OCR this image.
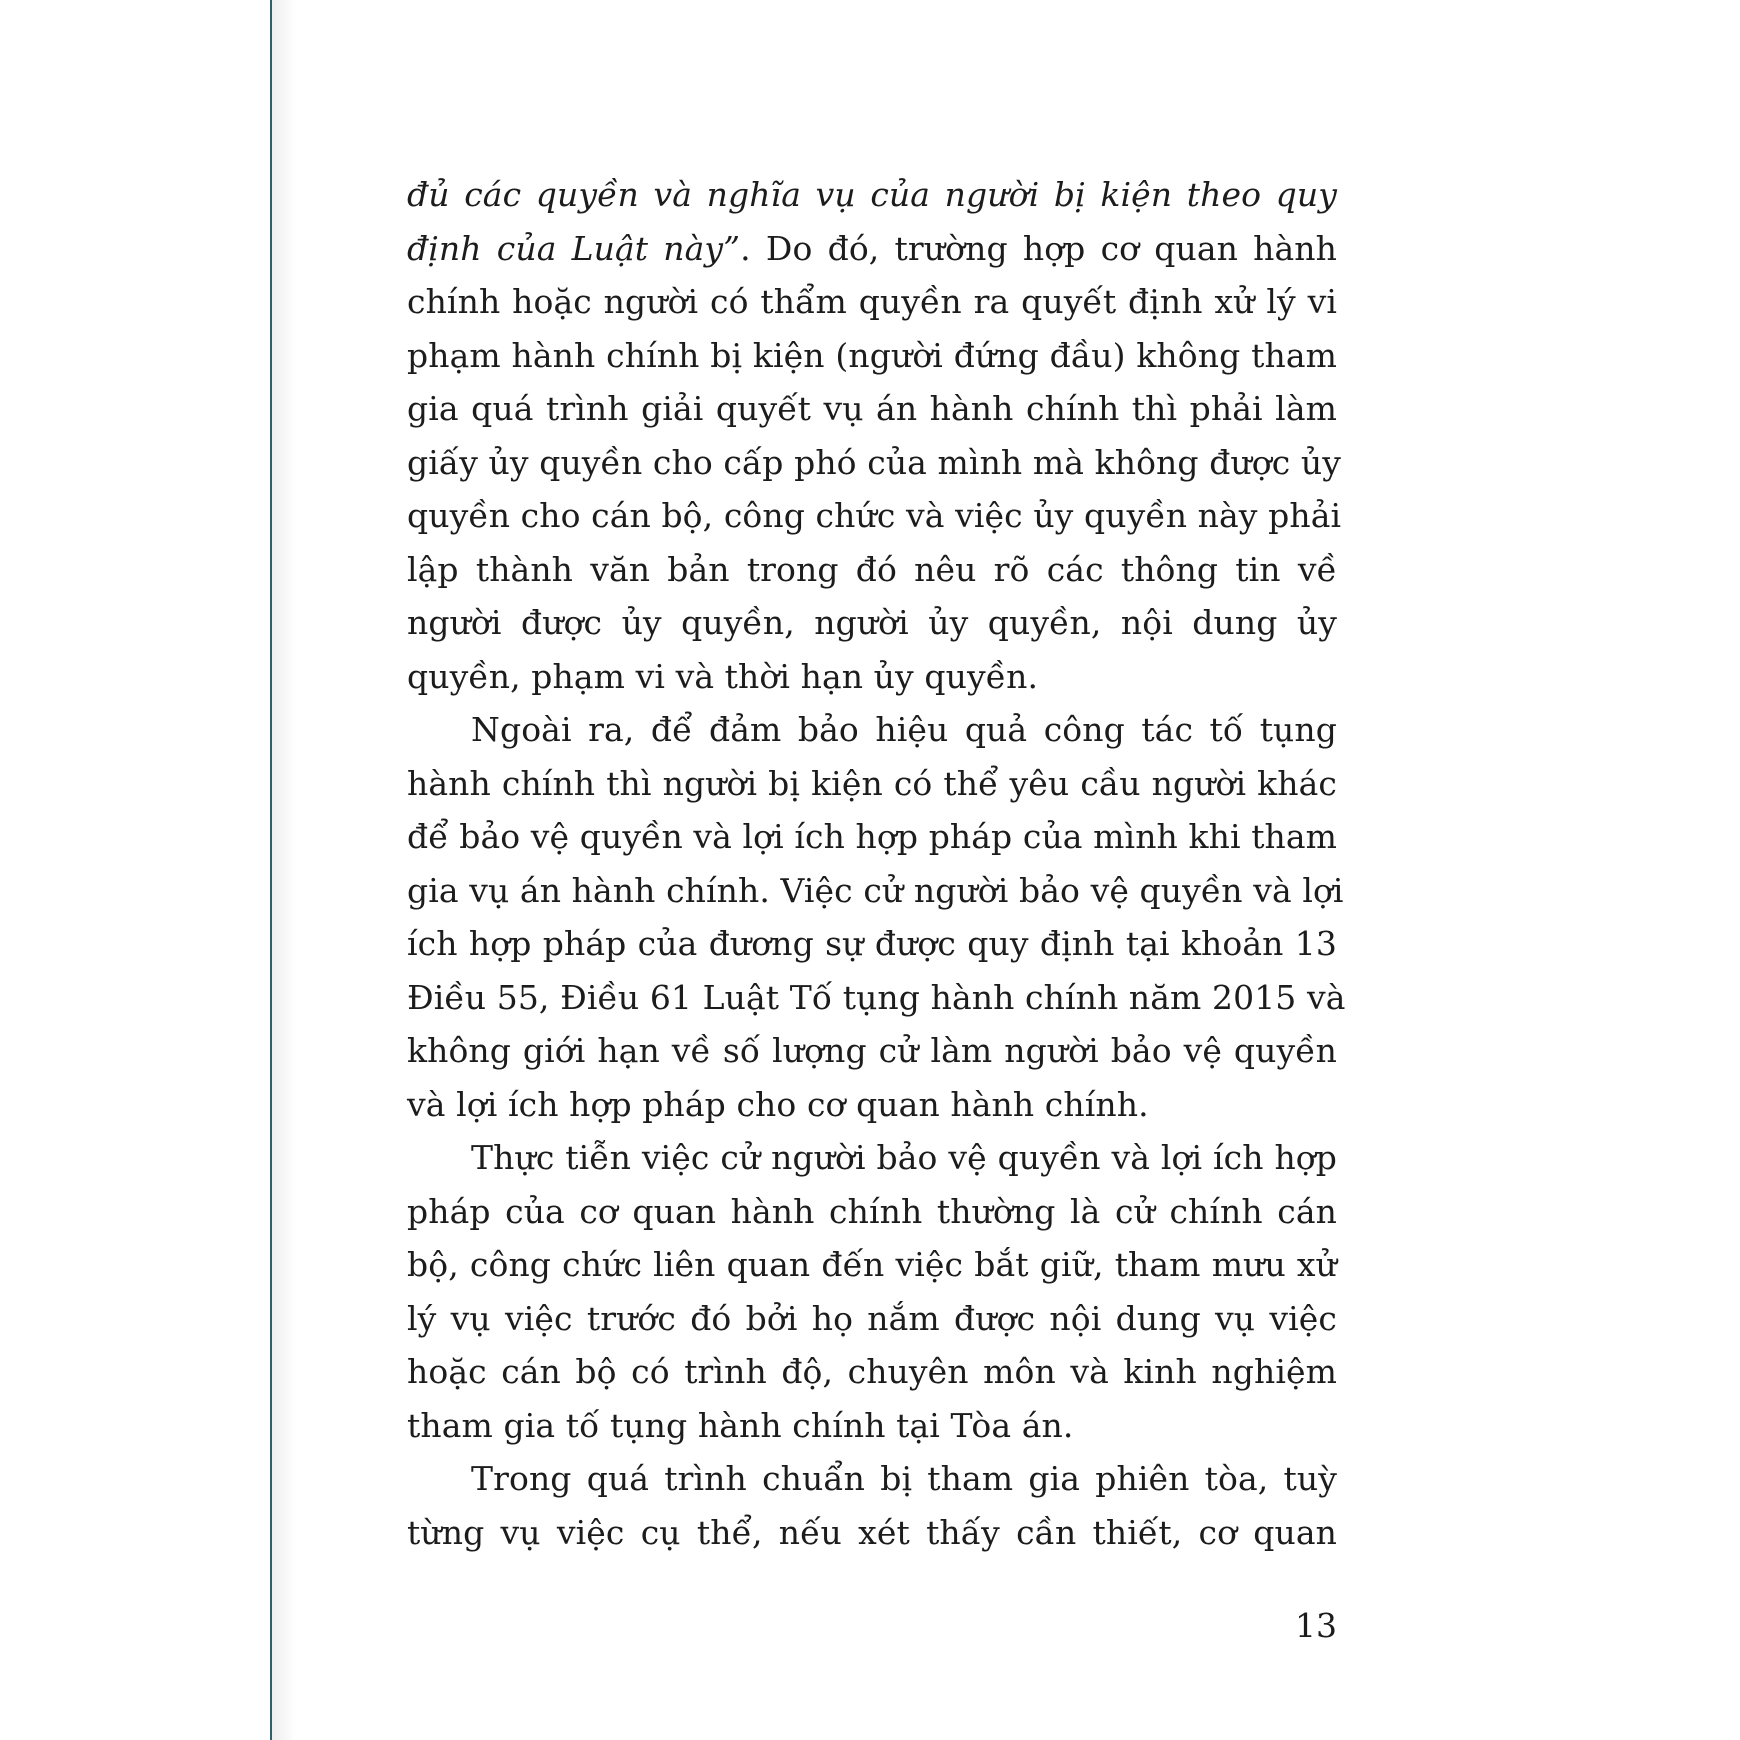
đủ các quyền và nghĩa vụ của người bị kiện theo quy
định của Luật này”. Do đó, trường hợp cơ quan hành
chính hoặc người có thẩm quyền ra quyết định xử lý vi
phạm hành chính bị kiện (người đứng đầu) không tham
gia quá trình giải quyết vụ án hành chính thì phải làm
giấy ủy quyền cho cấp phó của mình mà không được ủy
quyền cho cán bộ, công chức và việc ủy quyền này phải
lập thành văn bản trong đó nêu rõ các thông tin về
người được ủy quyền, người ủy quyền, nội dung ủy
quyền, phạm vi và thời hạn ủy quyền.
Ngoài ra, để đảm bảo hiệu quả công tác tố tụng
hành chính thì người bị kiện có thể yêu cầu người khác
để bảo vệ quyền và lợi ích hợp pháp của mình khi tham
gia vụ án hành chính. Việc cử người bảo vệ quyền và lợi
ích hợp pháp của đương sự được quy định tại khoản 13
Điều 55, Điều 61 Luật Tố tụng hành chính năm 2015 và
không giới hạn về số lượng cử làm người bảo vệ quyền
và lợi ích hợp pháp cho cơ quan hành chính.
Thực tiễn việc cử người bảo vệ quyền và lợi ích hợp
pháp của cơ quan hành chính thường là cử chính cán
bộ, công chức liên quan đến việc bắt giữ, tham mưu xử
lý vụ việc trước đó bởi họ nắm được nội dung vụ việc
hoặc cán bộ có trình độ, chuyên môn và kinh nghiệm
tham gia tố tụng hành chính tại Tòa án.
Trong quá trình chuẩn bị tham gia phiên tòa, tuỳ
từng vụ việc cụ thể, nếu xét thấy cần thiết, cơ quan
13
